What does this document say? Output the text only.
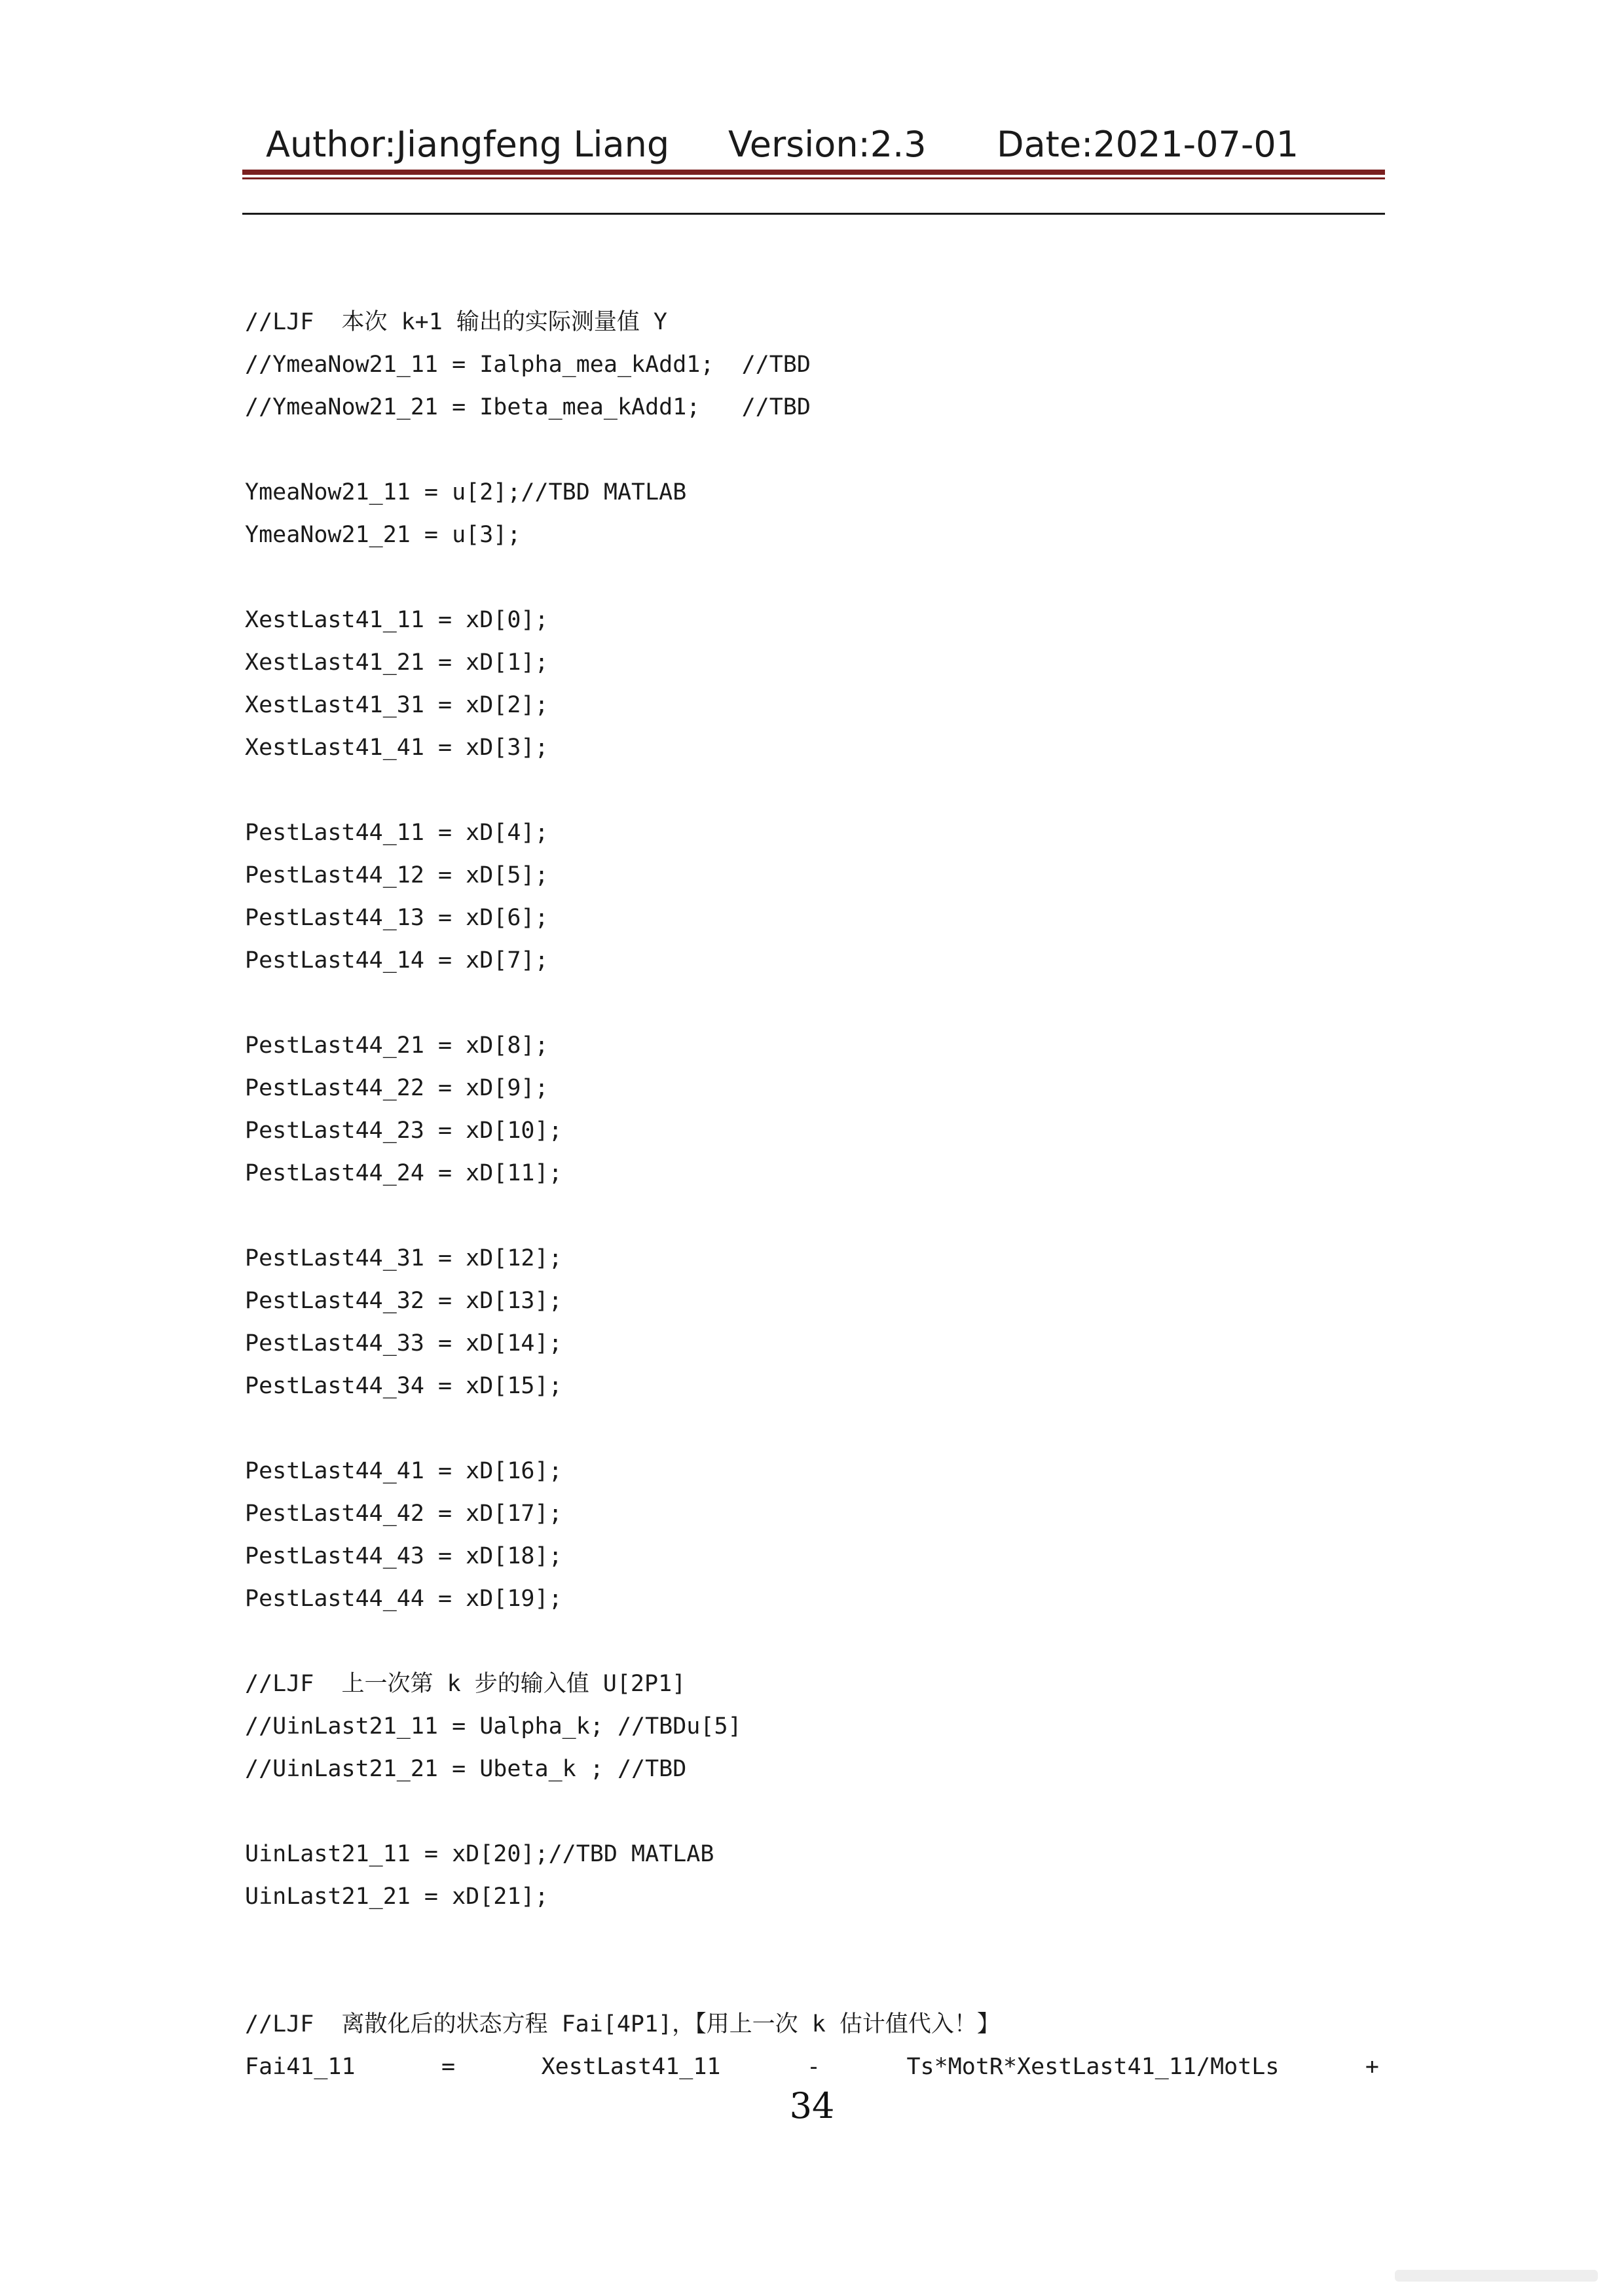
Author:Jiangfeng Liang Version:2.3 Date:2021-07-01
//LJF  本次 k+1 输出的实际测量值 Y
//YmeaNow21_11 = Ialpha_mea_kAdd1;  //TBD
//YmeaNow21_21 = Ibeta_mea_kAdd1;   //TBD
YmeaNow21_11 = u[2];//TBD MATLAB
YmeaNow21_21 = u[3];
XestLast41_11 = xD[0];
XestLast41_21 = xD[1];
XestLast41_31 = xD[2];
XestLast41_41 = xD[3];
PestLast44_11 = xD[4];
PestLast44_12 = xD[5];
PestLast44_13 = xD[6];
PestLast44_14 = xD[7];
PestLast44_21 = xD[8];
PestLast44_22 = xD[9];
PestLast44_23 = xD[10];
PestLast44_24 = xD[11];
PestLast44_31 = xD[12];
PestLast44_32 = xD[13];
PestLast44_33 = xD[14];
PestLast44_34 = xD[15];
PestLast44_41 = xD[16];
PestLast44_42 = xD[17];
PestLast44_43 = xD[18];
PestLast44_44 = xD[19];
//LJF  上一次第 k 步的输入值 U[2P1]
//UinLast21_11 = Ualpha_k; //TBDu[5]
//UinLast21_21 = Ubeta_k ; //TBD
UinLast21_11 = xD[20];//TBD MATLAB
UinLast21_21 = xD[21];
//LJF  离散化后的状态方程 Fai[4P1]，【用上一次 k 估计值代入！】
Fai41_11	=	XestLast41_11	-	Ts*MotR*XestLast41_11/MotLs	+
34
